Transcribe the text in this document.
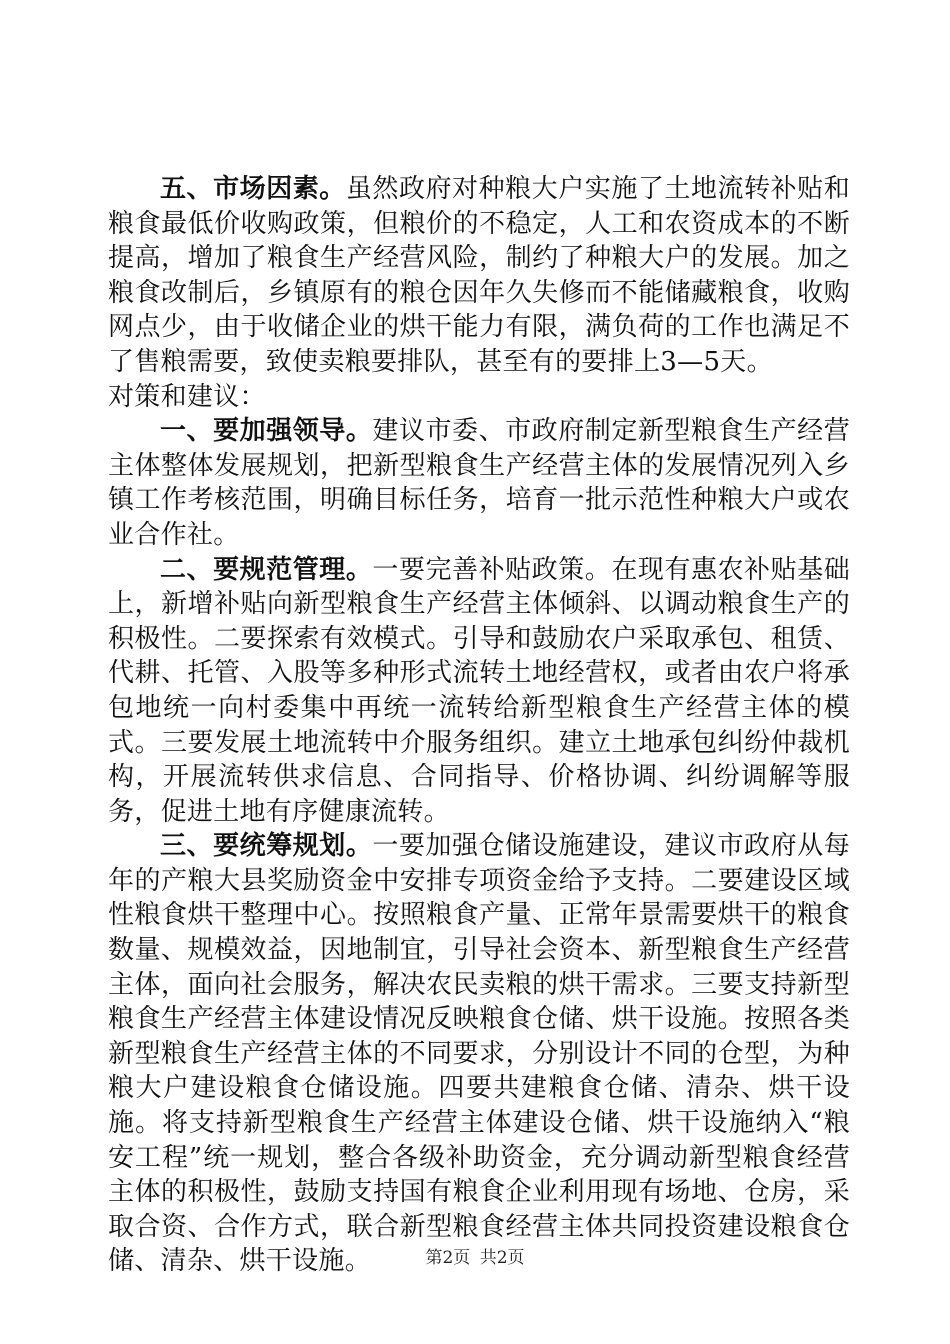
五、市场因素。虽然政府对种粮大户实施了土地流转补贴和粮食最低价收购政策，但粮价的不稳定，人工和农资成本的不断提高，增加了粮食生产经营风险，制约了种粮大户的发展。加之粮食改制后，乡镇原有的粮仓因年久失修而不能储藏粮食，收购网点少，由于收储企业的烘干能力有限，满负荷的工作也满足不了售粮需要，致使卖粮要排队，甚至有的要排上3—5天。

对策和建议：

一、要加强领导。建议市委、市政府制定新型粮食生产经营主体整体发展规划，把新型粮食生产经营主体的发展情况列入乡镇工作考核范围，明确目标任务，培育一批示范性种粮大户或农业合作社。

二、要规范管理。一要完善补贴政策。在现有惠农补贴基础上，新增补贴向新型粮食生产经营主体倾斜、以调动粮食生产的积极性。二要探索有效模式。引导和鼓励农户采取承包、租赁、代耕、托管、入股等多种形式流转土地经营权，或者由农户将承包地统一向村委集中再统一流转给新型粮食生产经营主体的模式。三要发展土地流转中介服务组织。建立土地承包纠纷仲裁机构，开展流转供求信息、合同指导、价格协调、纠纷调解等服务，促进土地有序健康流转。

三、要统筹规划。一要加强仓储设施建设，建议市政府从每年的产粮大县奖励资金中安排专项资金给予支持。二要建设区域性粮食烘干整理中心。按照粮食产量、正常年景需要烘干的粮食数量、规模效益，因地制宜，引导社会资本、新型粮食生产经营主体，面向社会服务，解决农民卖粮的烘干需求。三要支持新型粮食生产经营主体建设情况反映粮食仓储、烘干设施。按照各类新型粮食生产经营主体的不同要求，分别设计不同的仓型，为种粮大户建设粮食仓储设施。四要共建粮食仓储、清杂、烘干设施。将支持新型粮食生产经营主体建设仓储、烘干设施纳入“粮安工程”统一规划，整合各级补助资金，充分调动新型粮食经营主体的积极性，鼓励支持国有粮食企业利用现有场地、仓房，采取合资、合作方式，联合新型粮食经营主体共同投资建设粮食仓储、清杂、烘干设施。	第2页 共2页
